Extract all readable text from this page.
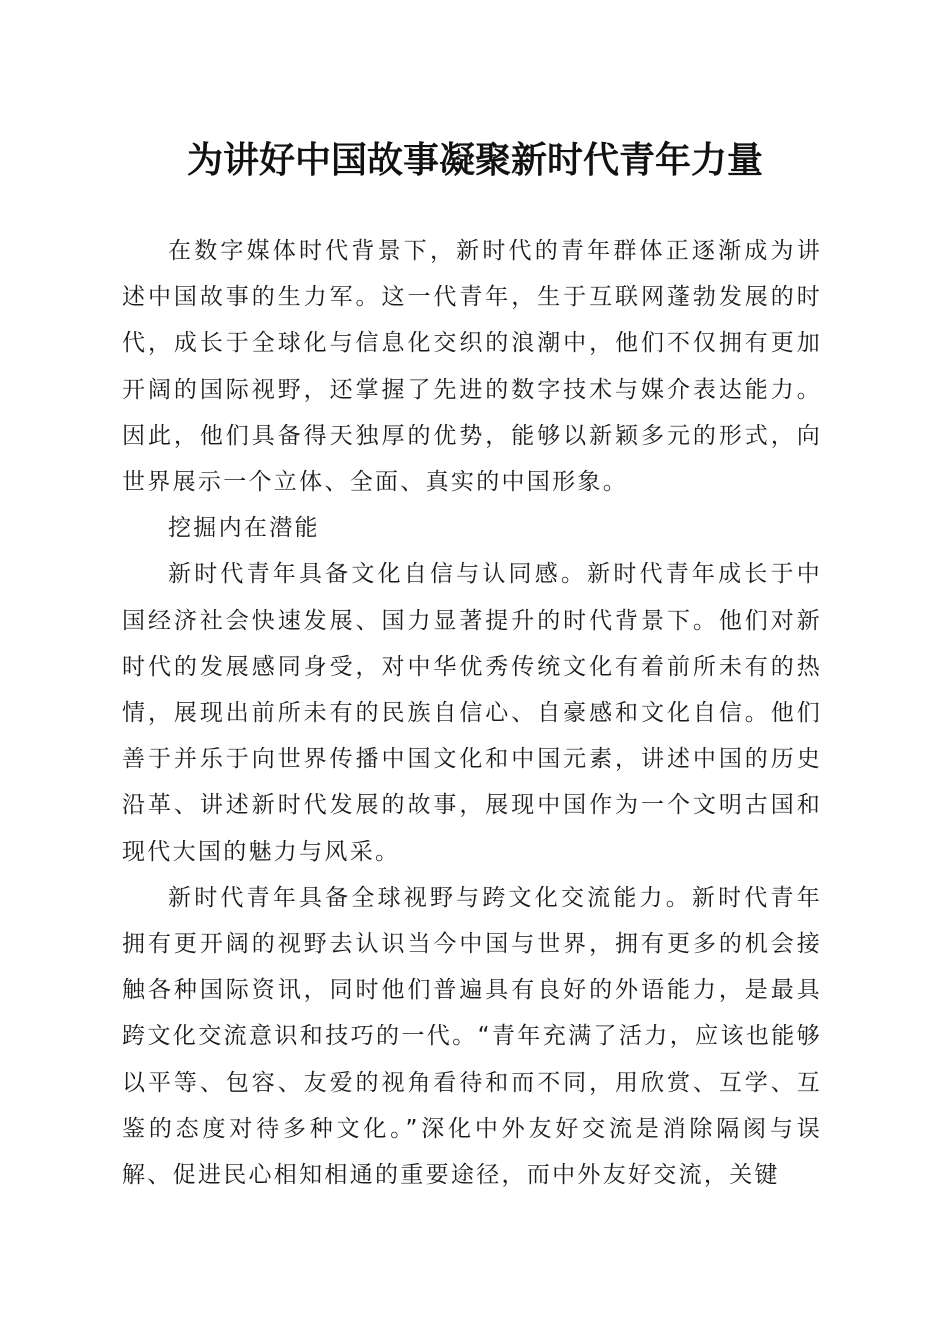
为讲好中国故事凝聚新时代青年力量

在数字媒体时代背景下，新时代的青年群体正逐渐成为讲述中国故事的生力军。这一代青年，生于互联网蓬勃发展的时代，成长于全球化与信息化交织的浪潮中，他们不仅拥有更加开阔的国际视野，还掌握了先进的数字技术与媒介表达能力。因此，他们具备得天独厚的优势，能够以新颖多元的形式，向世界展示一个立体、全面、真实的中国形象。

挖掘内在潜能

新时代青年具备文化自信与认同感。新时代青年成长于中国经济社会快速发展、国力显著提升的时代背景下。他们对新时代的发展感同身受，对中华优秀传统文化有着前所未有的热情，展现出前所未有的民族自信心、自豪感和文化自信。他们善于并乐于向世界传播中国文化和中国元素，讲述中国的历史沿革、讲述新时代发展的故事，展现中国作为一个文明古国和现代大国的魅力与风采。

新时代青年具备全球视野与跨文化交流能力。新时代青年拥有更开阔的视野去认识当今中国与世界，拥有更多的机会接触各种国际资讯，同时他们普遍具有良好的外语能力，是最具跨文化交流意识和技巧的一代。“青年充满了活力，应该也能够以平等、包容、友爱的视角看待和而不同，用欣赏、互学、互鉴的态度对待多种文化。”深化中外友好交流是消除隔阂与误解、促进民心相知相通的重要途径，而中外友好交流，关键
